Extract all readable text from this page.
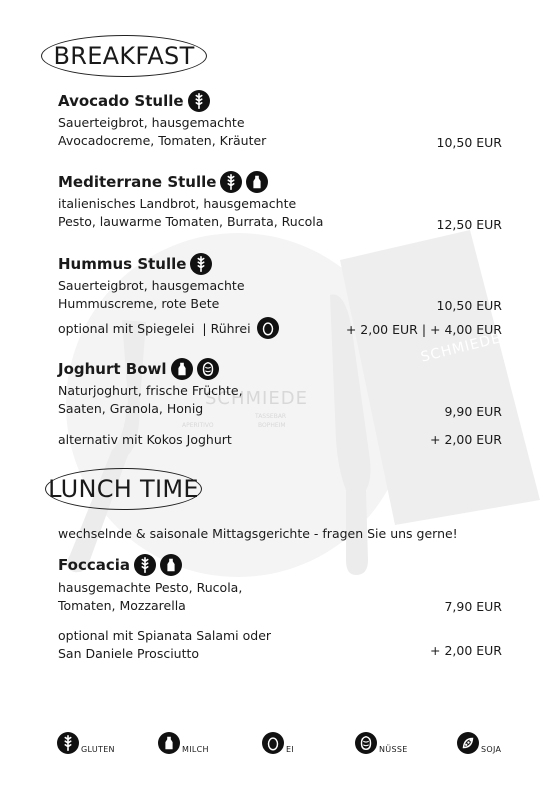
SCHMIEDE
APERITIVO
TASSEBAR
BOPHEIM
SCHMIEDE
BREAKFAST
Avocado Stulle
Sauerteigbrot, hausgemachte
Avocadocreme, Tomaten, Kräuter	10,50 EUR
Mediterrane Stulle
italienisches Landbrot, hausgemachte
Pesto, lauwarme Tomaten, Burrata, Rucola	12,50 EUR
Hummus Stulle
Sauerteigbrot, hausgemachte
Hummuscreme, rote Bete	10,50 EUR
optional mit Spiegelei  | Rührei	+ 2,00 EUR | + 4,00 EUR
Joghurt Bowl
Naturjoghurt, frische Früchte,
Saaten, Granola, Honig	9,90 EUR
alternativ mit Kokos Joghurt	+ 2,00 EUR
LUNCH TIME
wechselnde & saisonale Mittagsgerichte - fragen Sie uns gerne!
Foccacia
hausgemachte Pesto, Rucola,
Tomaten, Mozzarella	7,90 EUR
optional mit Spianata Salami oder
San Daniele Prosciutto	+ 2,00 EUR
GLUTEN	MILCH	EI	NÜSSE	SOJA
